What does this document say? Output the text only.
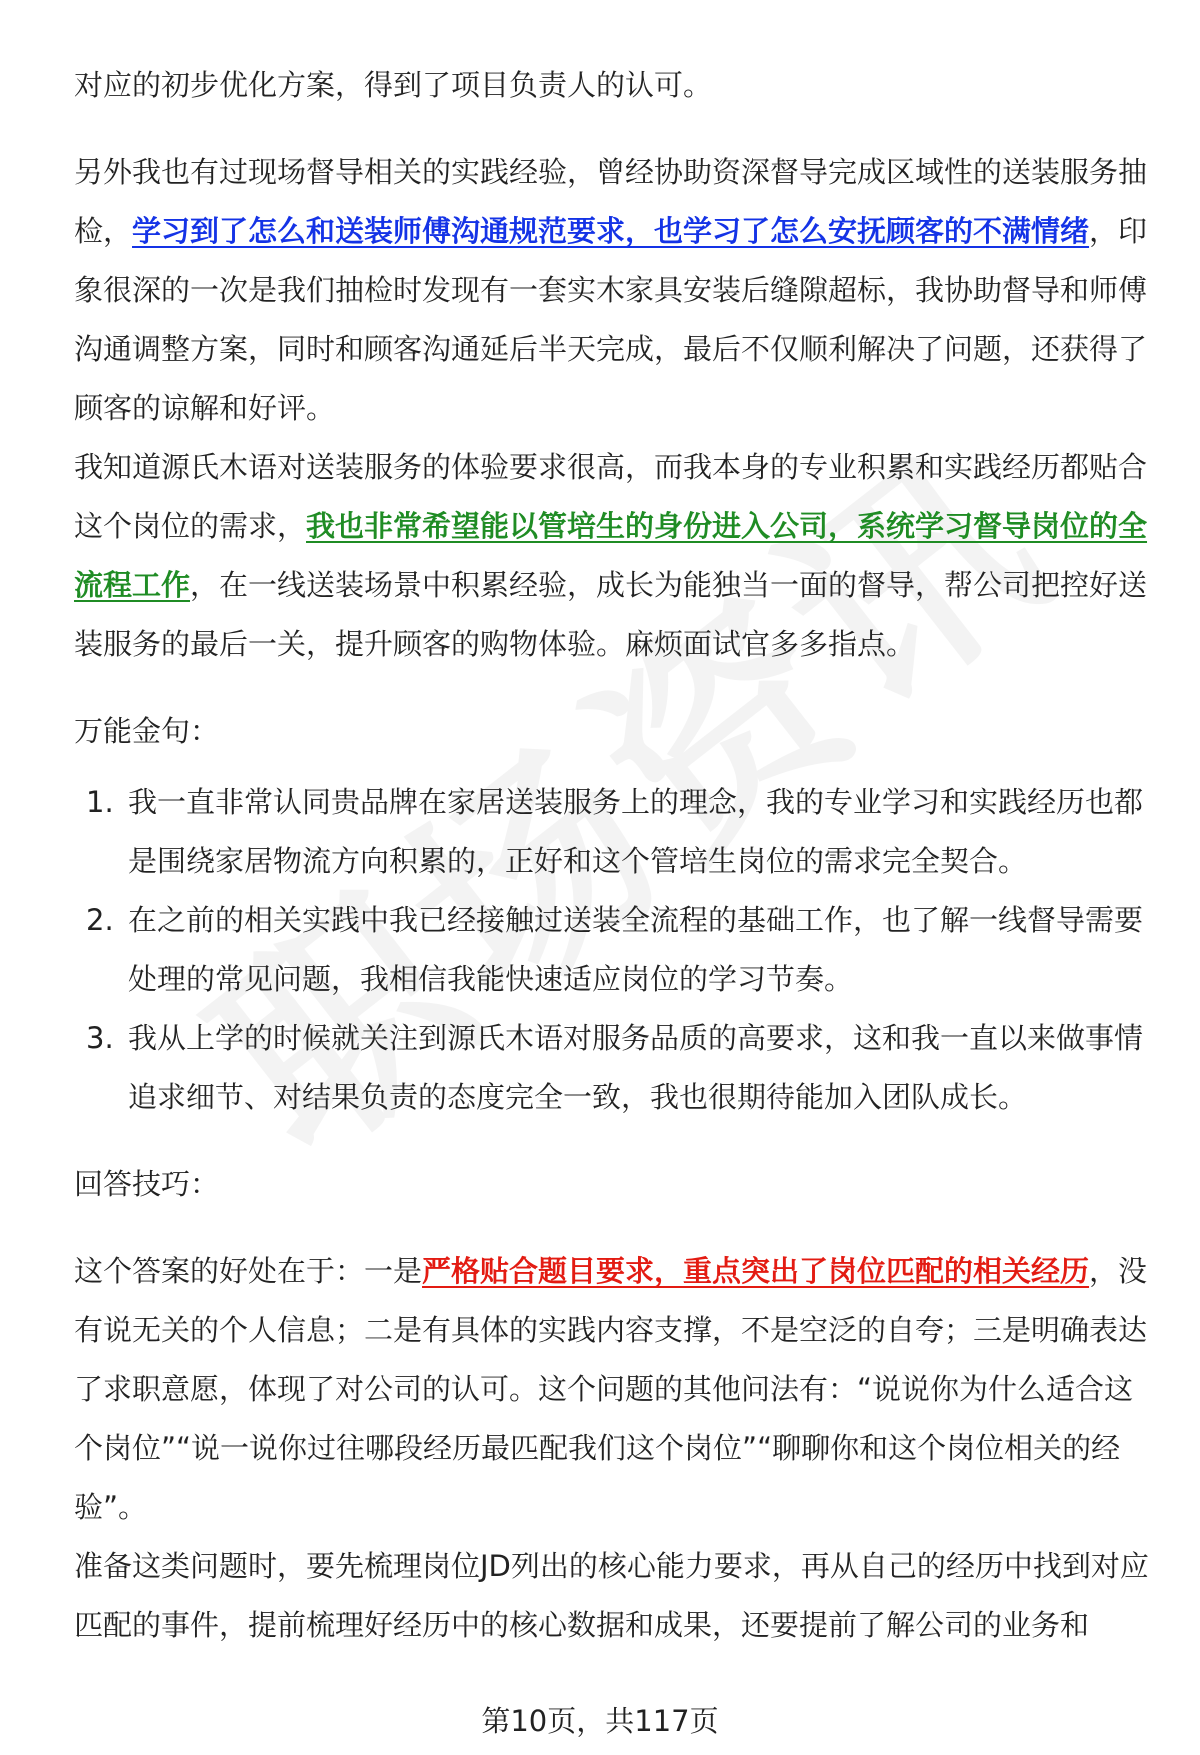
对应的初步优化方案，得到了项目负责人的认可。

另外我也有过现场督导相关的实践经验，曾经协助资深督导完成区域性的送装服务抽检，学习到了怎么和送装师傅沟通规范要求，也学习了怎么安抚顾客的不满情绪，印象很深的一次是我们抽检时发现有一套实木家具安装后缝隙超标，我协助督导和师傅沟通调整方案，同时和顾客沟通延后半天完成，最后不仅顺利解决了问题，还获得了顾客的谅解和好评。

我知道源氏木语对送装服务的体验要求很高，而我本身的专业积累和实践经历都贴合这个岗位的需求，我也非常希望能以管培生的身份进入公司，系统学习督导岗位的全流程工作，在一线送装场景中积累经验，成长为能独当一面的督导，帮公司把控好送装服务的最后一关，提升顾客的购物体验。麻烦面试官多多指点。

万能金句：

1. 我一直非常认同贵品牌在家居送装服务上的理念，我的专业学习和实践经历也都是围绕家居物流方向积累的，正好和这个管培生岗位的需求完全契合。
2. 在之前的相关实践中我已经接触过送装全流程的基础工作，也了解一线督导需要处理的常见问题，我相信我能快速适应岗位的学习节奏。
3. 我从上学的时候就关注到源氏木语对服务品质的高要求，这和我一直以来做事情追求细节、对结果负责的态度完全一致，我也很期待能加入团队成长。

回答技巧：

这个答案的好处在于：一是严格贴合题目要求，重点突出了岗位匹配的相关经历，没有说无关的个人信息；二是有具体的实践内容支撑，不是空泛的自夸；三是明确表达了求职意愿，体现了对公司的认可。这个问题的其他问法有：“说说你为什么适合这个岗位”“说一说你过往哪段经历最匹配我们这个岗位”“聊聊你和这个岗位相关的经验”。

准备这类问题时，要先梳理岗位JD列出的核心能力要求，再从自己的经历中找到对应匹配的事件，提前梳理好经历中的核心数据和成果，还要提前了解公司的业务和

第10页，共117页
